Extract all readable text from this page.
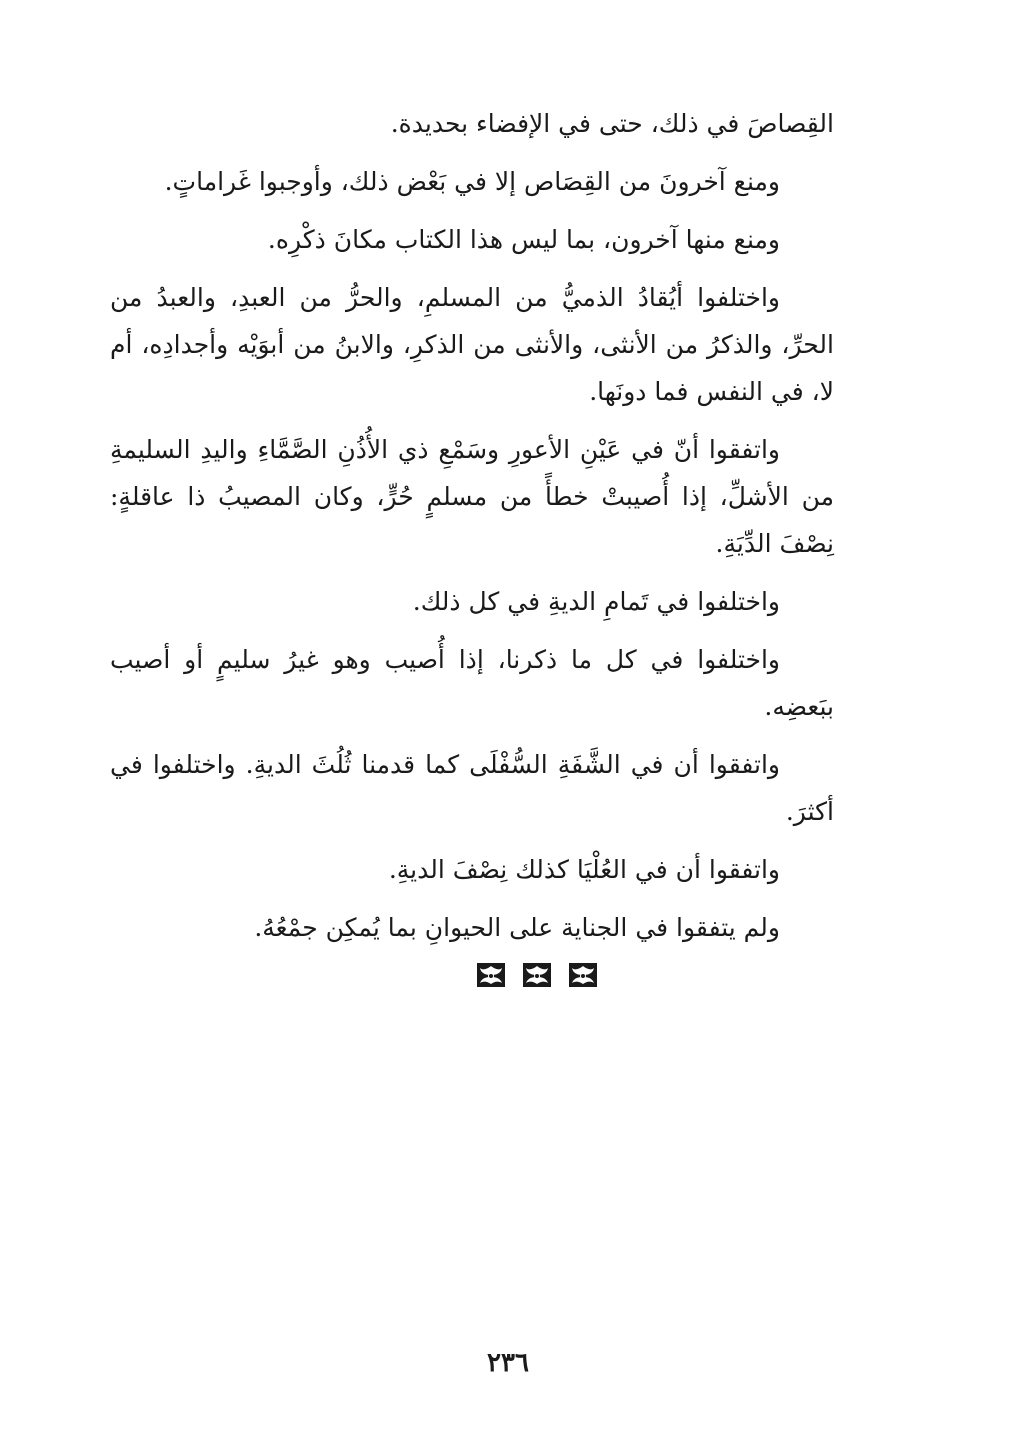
القِصاصَ في ذلك، حتى في الإفضاء بحديدة.

ومنع آخرونَ من القِصَاص إلا في بَعْض ذلك، وأوجبوا غَراماتٍ.

ومنع منها آخرون، بما ليس هذا الكتاب مكانَ ذكْرِه.

واختلفوا أيُقادُ الذميُّ من المسلمِ، والحرُّ من العبدِ، والعبدُ من الحرِّ، والذكرُ من الأنثى، والأنثى من الذكرِ، والابنُ من أبوَيْه وأجدادِه، أم لا، في النفس فما دونَها.

واتفقوا أنّ في عَيْنِ الأعورِ وسَمْعِ ذي الأُذُنِ الصَّمَّاءِ واليدِ السليمةِ من الأشلِّ، إذا أُصيبتْ خطأً من مسلمٍ حُرٍّ، وكان المصيبُ ذا عاقلةٍ: نِصْفَ الدِّيَةِ.

واختلفوا في تَمامِ الديةِ في كل ذلك.

واختلفوا في كل ما ذكرنا، إذا أُصيب وهو غيرُ سليمٍ أو أصيب ببَعضِه.

واتفقوا أن في الشَّفَةِ السُّفْلَى كما قدمنا ثُلُثَ الديةِ. واختلفوا في أكثرَ.

واتفقوا أن في العُلْيَا كذلك نِصْفَ الديةِ.

ولم يتفقوا في الجناية على الحيوانِ بما يُمكِن جمْعُهُ.

٢٣٦
